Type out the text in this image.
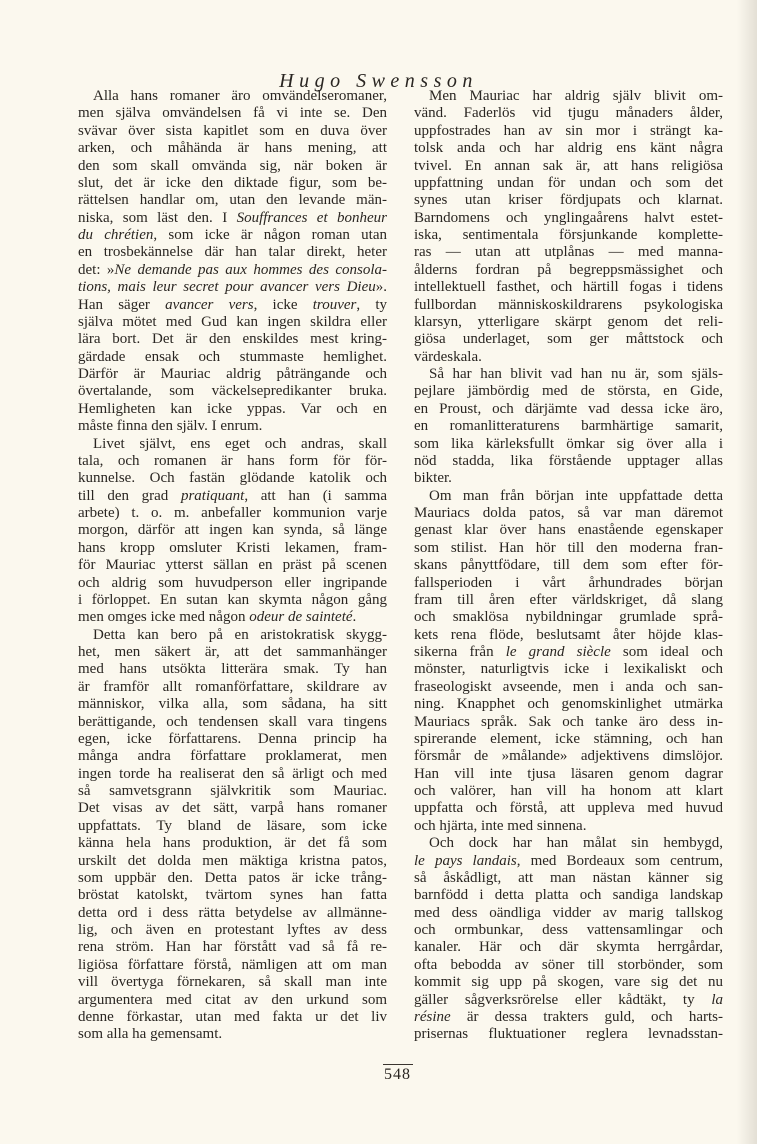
Hugo Swensson
Alla hans romaner äro omvändelseromaner,
men själva omvändelsen få vi inte se. Den
svävar över sista kapitlet som en duva över
arken, och måhända är hans mening, att
den som skall omvända sig, när boken är
slut, det är icke den diktade figur, som be-
rättelsen handlar om, utan den levande män-
niska, som läst den. I Souffrances et bonheur
du chrétien, som icke är någon roman utan
en trosbekännelse där han talar direkt, heter
det: »Ne demande pas aux hommes des consola-
tions, mais leur secret pour avancer vers Dieu».
Han säger avancer vers, icke trouver, ty
själva mötet med Gud kan ingen skildra eller
lära bort. Det är den enskildes mest kring-
gärdade ensak och stummaste hemlighet.
Därför är Mauriac aldrig påträngande och
övertalande, som väckelsepredikanter bruka.
Hemligheten kan icke yppas. Var och en
måste finna den själv. I enrum.
Livet självt, ens eget och andras, skall
tala, och romanen är hans form för för-
kunnelse. Och fastän glödande katolik och
till den grad pratiquant, att han (i samma
arbete) t. o. m. anbefaller kommunion varje
morgon, därför att ingen kan synda, så länge
hans kropp omsluter Kristi lekamen, fram-
för Mauriac ytterst sällan en präst på scenen
och aldrig som huvudperson eller ingripande
i förloppet. En sutan kan skymta någon gång
men omges icke med någon odeur de sainteté.
Detta kan bero på en aristokratisk skygg-
het, men säkert är, att det sammanhänger
med hans utsökta litterära smak. Ty han
är framför allt romanförfattare, skildrare av
människor, vilka alla, som sådana, ha sitt
berättigande, och tendensen skall vara tingens
egen, icke författarens. Denna princip ha
många andra författare proklamerat, men
ingen torde ha realiserat den så ärligt och med
så samvetsgrann självkritik som Mauriac.
Det visas av det sätt, varpå hans romaner
uppfattats. Ty bland de läsare, som icke
känna hela hans produktion, är det få som
urskilt det dolda men mäktiga kristna patos,
som uppbär den. Detta patos är icke trång-
bröstat katolskt, tvärtom synes han fatta
detta ord i dess rätta betydelse av allmänne-
lig, och även en protestant lyftes av dess
rena ström. Han har förstått vad så få re-
ligiösa författare förstå, nämligen att om man
vill övertyga förnekaren, så skall man inte
argumentera med citat av den urkund som
denne förkastar, utan med fakta ur det liv
som alla ha gemensamt.
Men Mauriac har aldrig själv blivit om-
vänd. Faderlös vid tjugu månaders ålder,
uppfostrades han av sin mor i strängt ka-
tolsk anda och har aldrig ens känt några
tvivel. En annan sak är, att hans religiösa
uppfattning undan för undan och som det
synes utan kriser fördjupats och klarnat.
Barndomens och ynglingaårens halvt estet-
iska, sentimentala försjunkande komplette-
ras — utan att utplånas — med manna-
ålderns fordran på begreppsmässighet och
intellektuell fasthet, och härtill fogas i tidens
fullbordan människoskildrarens psykologiska
klarsyn, ytterligare skärpt genom det reli-
giösa underlaget, som ger måttstock och
värdeskala.
Så har han blivit vad han nu är, som själs-
pejlare jämbördig med de största, en Gide,
en Proust, och därjämte vad dessa icke äro,
en romanlitteraturens barmhärtige samarit,
som lika kärleksfullt ömkar sig över alla i
nöd stadda, lika förstående upptager allas
bikter.
Om man från början inte uppfattade detta
Mauriacs dolda patos, så var man däremot
genast klar över hans enastående egenskaper
som stilist. Han hör till den moderna fran-
skans pånyttfödare, till dem som efter för-
fallsperioden i vårt århundrades början
fram till åren efter världskriget, då slang
och smaklösa nybildningar grumlade språ-
kets rena flöde, beslutsamt åter höjde klas-
sikerna från le grand siècle som ideal och
mönster, naturligtvis icke i lexikaliskt och
fraseologiskt avseende, men i anda och san-
ning. Knapphet och genomskinlighet utmärka
Mauriacs språk. Sak och tanke äro dess in-
spirerande element, icke stämning, och han
försmår de »målande» adjektivens dimslöjor.
Han vill inte tjusa läsaren genom dagrar
och valörer, han vill ha honom att klart
uppfatta och förstå, att uppleva med huvud
och hjärta, inte med sinnena.
Och dock har han målat sin hembygd,
le pays landais, med Bordeaux som centrum,
så åskådligt, att man nästan känner sig
barnfödd i detta platta och sandiga landskap
med dess oändliga vidder av marig tallskog
och ormbunkar, dess vattensamlingar och
kanaler. Här och där skymta herrgårdar,
ofta bebodda av söner till storbönder, som
kommit sig upp på skogen, vare sig det nu
gäller sågverksrörelse eller kådtäkt, ty la
résine är dessa trakters guld, och harts-
prisernas fluktuationer reglera levnadsstan-
548
